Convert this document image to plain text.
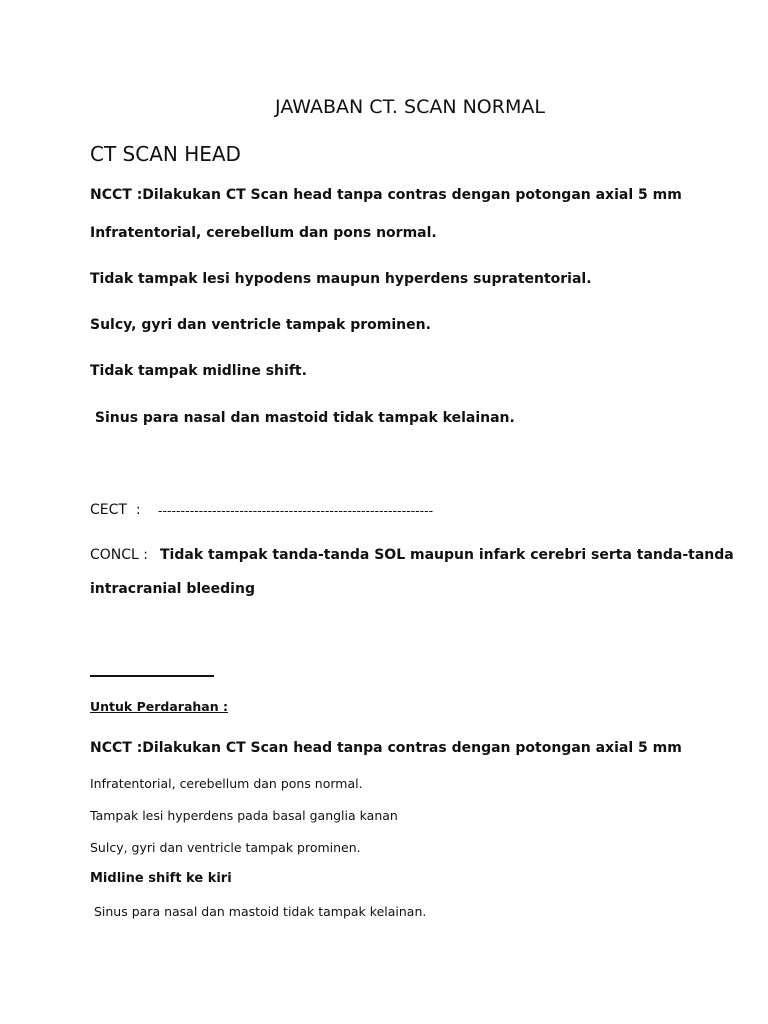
JAWABAN CT. SCAN NORMAL
CT SCAN HEAD
NCCT :Dilakukan CT Scan head tanpa contras dengan potongan axial 5 mm
Infratentorial, cerebellum dan pons normal.
Tidak tampak lesi hypodens maupun hyperdens supratentorial.
Sulcy, gyri dan ventricle tampak prominen.
Tidak tampak midline shift.
Sinus para nasal dan mastoid tidak tampak kelainan.
CECT  : -------------------------------------------------------------
CONCL : Tidak tampak tanda-tanda SOL maupun infark cerebri serta tanda-tanda
intracranial bleeding
Untuk Perdarahan :
NCCT :Dilakukan CT Scan head tanpa contras dengan potongan axial 5 mm
Infratentorial, cerebellum dan pons normal.
Tampak lesi hyperdens pada basal ganglia kanan
Sulcy, gyri dan ventricle tampak prominen.
Midline shift ke kiri
Sinus para nasal dan mastoid tidak tampak kelainan.
